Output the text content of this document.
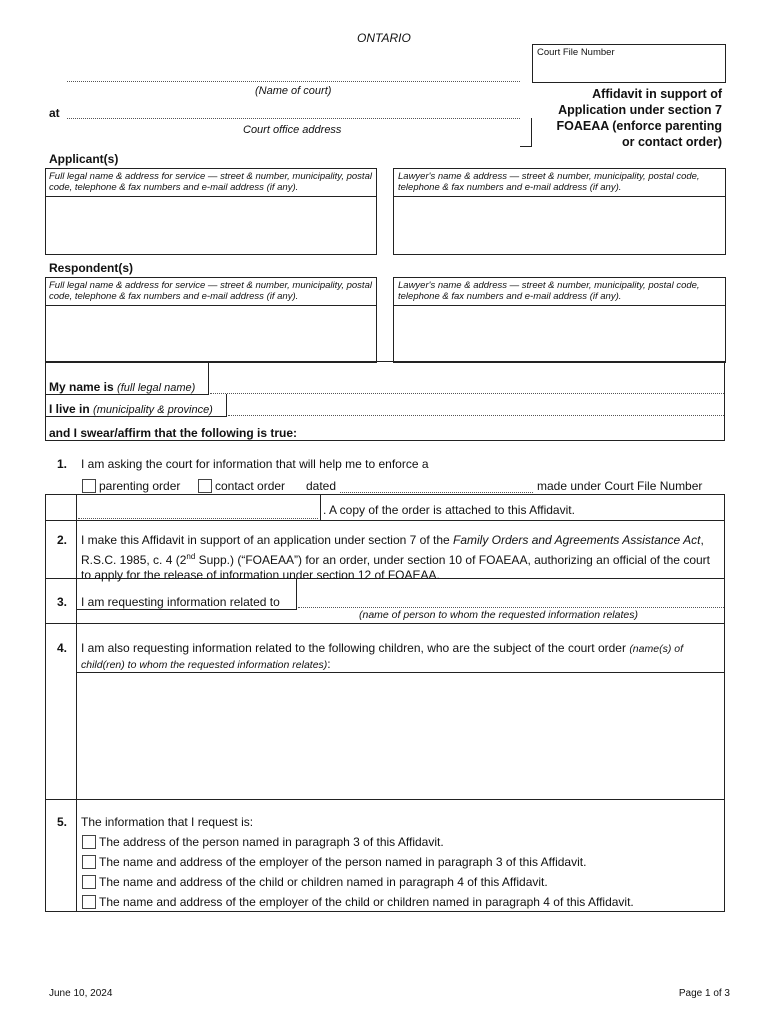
ONTARIO
Court File Number
(Name of court)
at
Court office address
Affidavit in support of
Application under section 7
FOAEAA (enforce parenting
or contact order)
Applicant(s)
Full legal name & address for service — street & number, municipality, postal code, telephone & fax numbers and e-mail address (if any).
Lawyer's name & address — street & number, municipality, postal code, telephone & fax numbers and e-mail address (if any).
Respondent(s)
Full legal name & address for service — street & number, municipality, postal code, telephone & fax numbers and e-mail address (if any).
Lawyer's name & address — street & number, municipality, postal code, telephone & fax numbers and e-mail address (if any).
My name is (full legal name)
I live in (municipality & province)
and I swear/affirm that the following is true:
1. I am asking the court for information that will help me to enforce a
parenting order	contact order dated	made under Court File Number
. A copy of the order is attached to this Affidavit.
2. I make this Affidavit in support of an application under section 7 of the Family Orders and Agreements Assistance Act, R.S.C. 1985, c. 4 (2nd Supp.) (“FOAEAA”) for an order, under section 10 of FOAEAA, authorizing an official of the court to apply for the release of information under section 12 of FOAEAA.
3. I am requesting information related to
(name of person to whom the requested information relates)
4. I am also requesting information related to the following children, who are the subject of the court order (name(s) of child(ren) to whom the requested information relates):
5. The information that I request is:
The address of the person named in paragraph 3 of this Affidavit.
The name and address of the employer of the person named in paragraph 3 of this Affidavit.
The name and address of the child or children named in paragraph 4 of this Affidavit.
The name and address of the employer of the child or children named in paragraph 4 of this Affidavit.
June 10, 2024	Page 1 of 3
